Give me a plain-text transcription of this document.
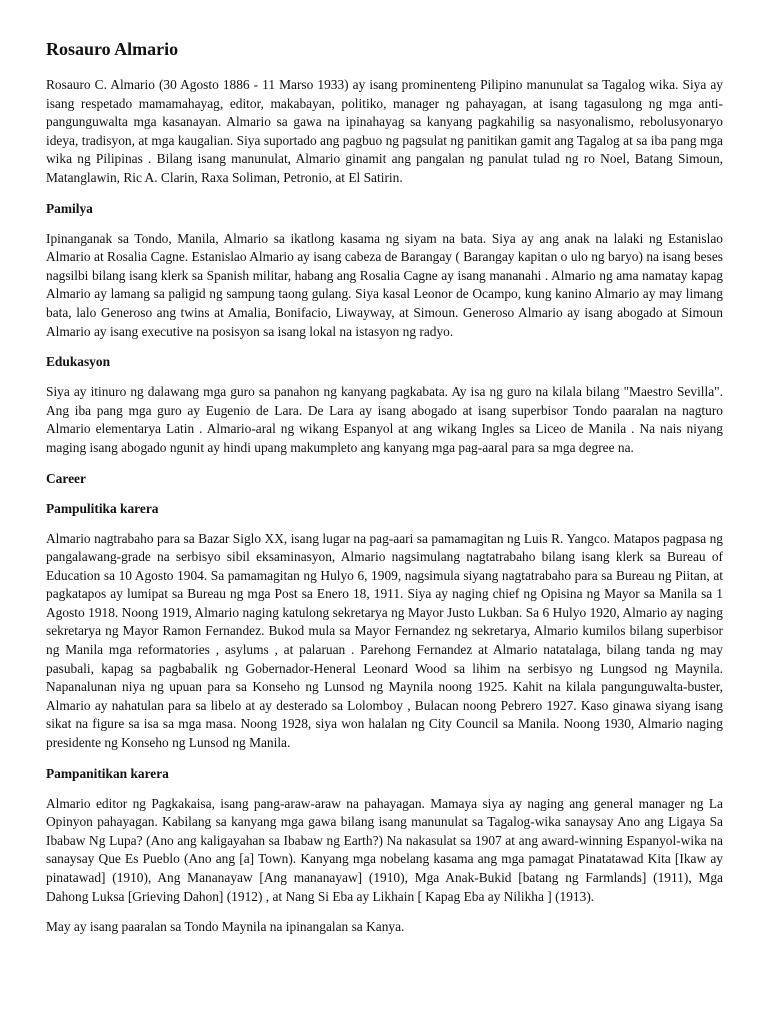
Rosauro Almario

Rosauro C. Almario (30 Agosto 1886 - 11 Marso 1933) ay isang prominenteng Pilipino manunulat sa Tagalog wika. Siya ay isang respetado mamamahayag, editor, makabayan, politiko, manager ng pahayagan, at isang tagasulong ng mga anti-pangunguwalta mga kasanayan. Almario sa gawa na ipinahayag sa kanyang pagkahilig sa nasyonalismo, rebolusyonaryo ideya, tradisyon, at mga kaugalian. Siya suportado ang pagbuo ng pagsulat ng panitikan gamit ang Tagalog at sa iba pang mga wika ng Pilipinas . Bilang isang manunulat, Almario ginamit ang pangalan ng panulat tulad ng ro Noel, Batang Simoun, Matanglawin, Ric A. Clarin, Raxa Soliman, Petronio, at El Satirin.

Pamilya

Ipinanganak sa Tondo, Manila, Almario sa ikatlong kasama ng siyam na bata. Siya ay ang anak na lalaki ng Estanislao Almario at Rosalia Cagne. Estanislao Almario ay isang cabeza de Barangay ( Barangay kapitan o ulo ng baryo) na isang beses nagsilbi bilang isang klerk sa Spanish militar, habang ang Rosalia Cagne ay isang mananahi . Almario ng ama namatay kapag Almario ay lamang sa paligid ng sampung taong gulang. Siya kasal Leonor de Ocampo, kung kanino Almario ay may limang bata, lalo Generoso ang twins at Amalia, Bonifacio, Liwayway, at Simoun. Generoso Almario ay isang abogado at Simoun Almario ay isang executive na posisyon sa isang lokal na istasyon ng radyo.

Edukasyon

Siya ay itinuro ng dalawang mga guro sa panahon ng kanyang pagkabata. Ay isa ng guro na kilala bilang "Maestro Sevilla". Ang iba pang mga guro ay Eugenio de Lara. De Lara ay isang abogado at isang superbisor Tondo paaralan na nagturo Almario elementarya Latin . Almario-aral ng wikang Espanyol at ang wikang Ingles sa Liceo de Manila . Na nais niyang maging isang abogado ngunit ay hindi upang makumpleto ang kanyang mga pag-aaral para sa mga degree na.

Career
Pampulitika karera

Almario nagtrabaho para sa Bazar Siglo XX, isang lugar na pag-aari sa pamamagitan ng Luis R. Yangco. Matapos pagpasa ng pangalawang-grade na serbisyo sibil eksaminasyon, Almario nagsimulang nagtatrabaho bilang isang klerk sa Bureau of Education sa 10 Agosto 1904. Sa pamamagitan ng Hulyo 6, 1909, nagsimula siyang nagtatrabaho para sa Bureau ng Piitan, at pagkatapos ay lumipat sa Bureau ng mga Post sa Enero 18, 1911. Siya ay naging chief ng Opisina ng Mayor sa Manila sa 1 Agosto 1918. Noong 1919, Almario naging katulong sekretarya ng Mayor Justo Lukban. Sa 6 Hulyo 1920, Almario ay naging sekretarya ng Mayor Ramon Fernandez. Bukod mula sa Mayor Fernandez ng sekretarya, Almario kumilos bilang superbisor ng Manila mga reformatories , asylums , at palaruan . Parehong Fernandez at Almario natatalaga, bilang tanda ng may pasubali, kapag sa pagbabalik ng Gobernador-Heneral Leonard Wood sa lihim na serbisyo ng Lungsod ng Maynila. Napanalunan niya ng upuan para sa Konseho ng Lunsod ng Maynila noong 1925. Kahit na kilala pangunguwalta-buster, Almario ay nahatulan para sa libelo at ay desterado sa Lolomboy , Bulacan noong Pebrero 1927. Kaso ginawa siyang isang sikat na figure sa isa sa mga masa. Noong 1928, siya won halalan ng City Council sa Manila. Noong 1930, Almario naging presidente ng Konseho ng Lunsod ng Manila.

Pampanitikan karera

Almario editor ng Pagkakaisa, isang pang-araw-araw na pahayagan. Mamaya siya ay naging ang general manager ng La Opinyon pahayagan. Kabilang sa kanyang mga gawa bilang isang manunulat sa Tagalog-wika sanaysay Ano ang Ligaya Sa Ibabaw Ng Lupa? (Ano ang kaligayahan sa Ibabaw ng Earth?) Na nakasulat sa 1907 at ang award-winning Espanyol-wika na sanaysay Que Es Pueblo (Ano ang [a] Town). Kanyang mga nobelang kasama ang mga pamagat Pinatatawad Kita [Ikaw ay pinatawad] (1910), Ang Mananayaw [Ang mananayaw] (1910), Mga Anak-Bukid [batang ng Farmlands] (1911), Mga Dahong Luksa [Grieving Dahon] (1912) , at Nang Si Eba ay Likhain [ Kapag Eba ay Nilikha ] (1913).

May ay isang paaralan sa Tondo Maynila na ipinangalan sa Kanya.
